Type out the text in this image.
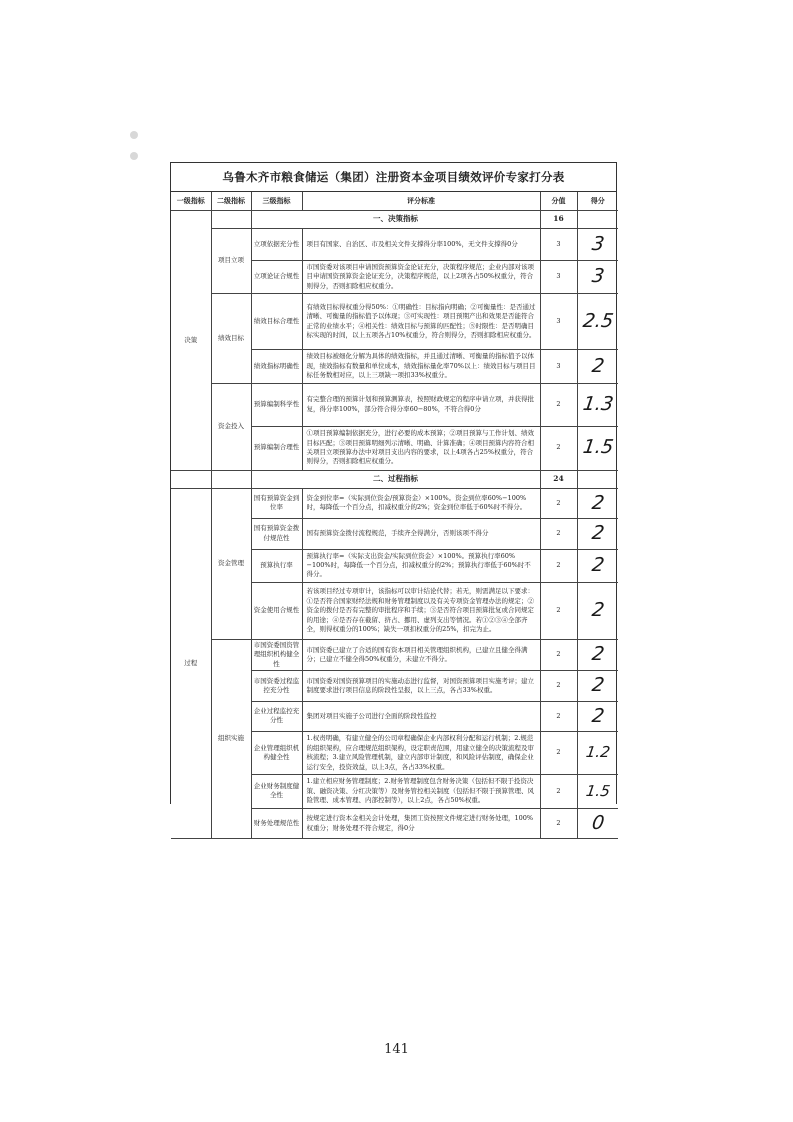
乌鲁木齐市粮食储运（集团）注册资本金项目绩效评价专家打分表
一级指标	二级指标	三级指标	评分标准	分值	得分
决策		一、决策指标		16	
	项目立项	立项依据充分性	项目有国家、自治区、市及相关文件支撑得分率100%，无文件支撑得0分	3	3
		立项论证合规性	市国资委对该项目申请国资预算资金论证充分，决策程序规范；企业内部对该项目申请国资预算资金论证充分，决策程序规范，以上2项各占50%权重分，符合则得分，否则扣除相应权重分。	3	3
	绩效目标	绩效目标合理性	有绩效目标得权重分得50%：①明确性：目标指向明确；②可衡量性：是否通过清晰、可衡量的指标值予以体现；③可实现性：项目预期产出和效果是否能符合正常的业绩水平；④相关性：绩效目标与预算的匹配性；⑤时限性：是否明确目标实现的时间，以上五项各占10%权重分，符合则得分，否则扣除相应权重分。	3	2.5
		绩效指标明确性	绩效目标被细化分解为具体的绩效指标，并且通过清晰、可衡量的指标值予以体现，绩效指标有数量和单位成本，绩效指标量化率70%以上：绩效目标与项目目标任务数相对应，以上三项缺一项扣33%权重分。	3	2
	资金投入	预算编制科学性	有完整合理的预算计划和预算测算表，按照财政规定的程序申请立项，并获得批复，得分率100%，部分符合得分率60−80%，不符合得0分	2	1.3
		预算编制合理性	①项目预算编制依据充分，进行必要的成本预算；②项目预算与工作计划、绩效目标匹配；③项目预算明细列示清晰、明确、计算准确；④项目预算内容符合相关项目立项预算办法中对项目支出内容的要求，以上4项各占25%权重分，符合则得分，否则扣除相应权重分。	2	1.5
		二、过程指标		24	
过程	资金管理	国有预算资金到位率	资金到位率=（实际到位资金/预算资金）×100%。资金到位率60%−100%时，每降低一个百分点，扣减权重分的2%；资金到位率低于60%时不得分。	2	2
		国有预算资金拨付规范性	国有预算资金拨付流程规范，手续齐全得满分，否则该项不得分	2	2
		预算执行率	预算执行率=（实际支出资金/实际到位资金）×100%。预算执行率60%−100%时，每降低一个百分点，扣减权重分的2%；预算执行率低于60%时不得分。	2	2
		资金使用合规性	若该项目经过专项审计，该指标可以审计结论代替；若无，则需满足以下要求：①是否符合国家财经法规和财务管理制度以及有关专项资金管理办法的规定；②资金的拨付是否有完整的审批程序和手续；③是否符合项目预算批复或合同规定的用途；④是否存在截留、挤占、挪用、虚列支出等情况。若①②③④全部齐全，则得权重分的100%；缺失一项扣权重分的25%，扣完为止。	2	2
	组织实施	市国资委国资管理组织机构健全性	市国资委已建立了合适的国有资本项目相关管理组织机构，已建立且健全得满分；已建立不健全得50%权重分，未建立不得分。	2	2
		市国资委过程监控充分性	市国资委对国资预算项目的实施动态进行监督，对国资预算项目实施考评；建立制度要求进行项目信息的阶段性呈报，以上三点，各占33%权重。	2	2
		企业过程监控充分性	集团对项目实施子公司进行全面的阶段性监控	2	2
		企业管理组织机构健全性	1.权责明确，有建立健全的公司章程确保企业内部权利分配和运行机制；2.规范的组织架构，应合理规范组织架构，设定职责范围，用建立健全的决策流程及审核流程；3.建立风险管理机制，建立内部审计制度，和风险评估制度，确保企业运行安全，投资效益，以上3点，各占33%权重。	2	1.2
		企业财务制度健全性	1.建立相应财务管理制度；2.财务管理制度包含财务决策（包括但不限于投资决策、融资决策、分红决策等）及财务管控相关制度（包括但不限于预算管理、风险管理、成本管理、内部控制等），以上2点，各占50%权重。	2	1.5
		财务处理规范性	按规定进行资本金相关会计处理，集团工资按照文件规定进行财务处理，100%权重分；财务处理不符合规定，得0分	2	0
141
